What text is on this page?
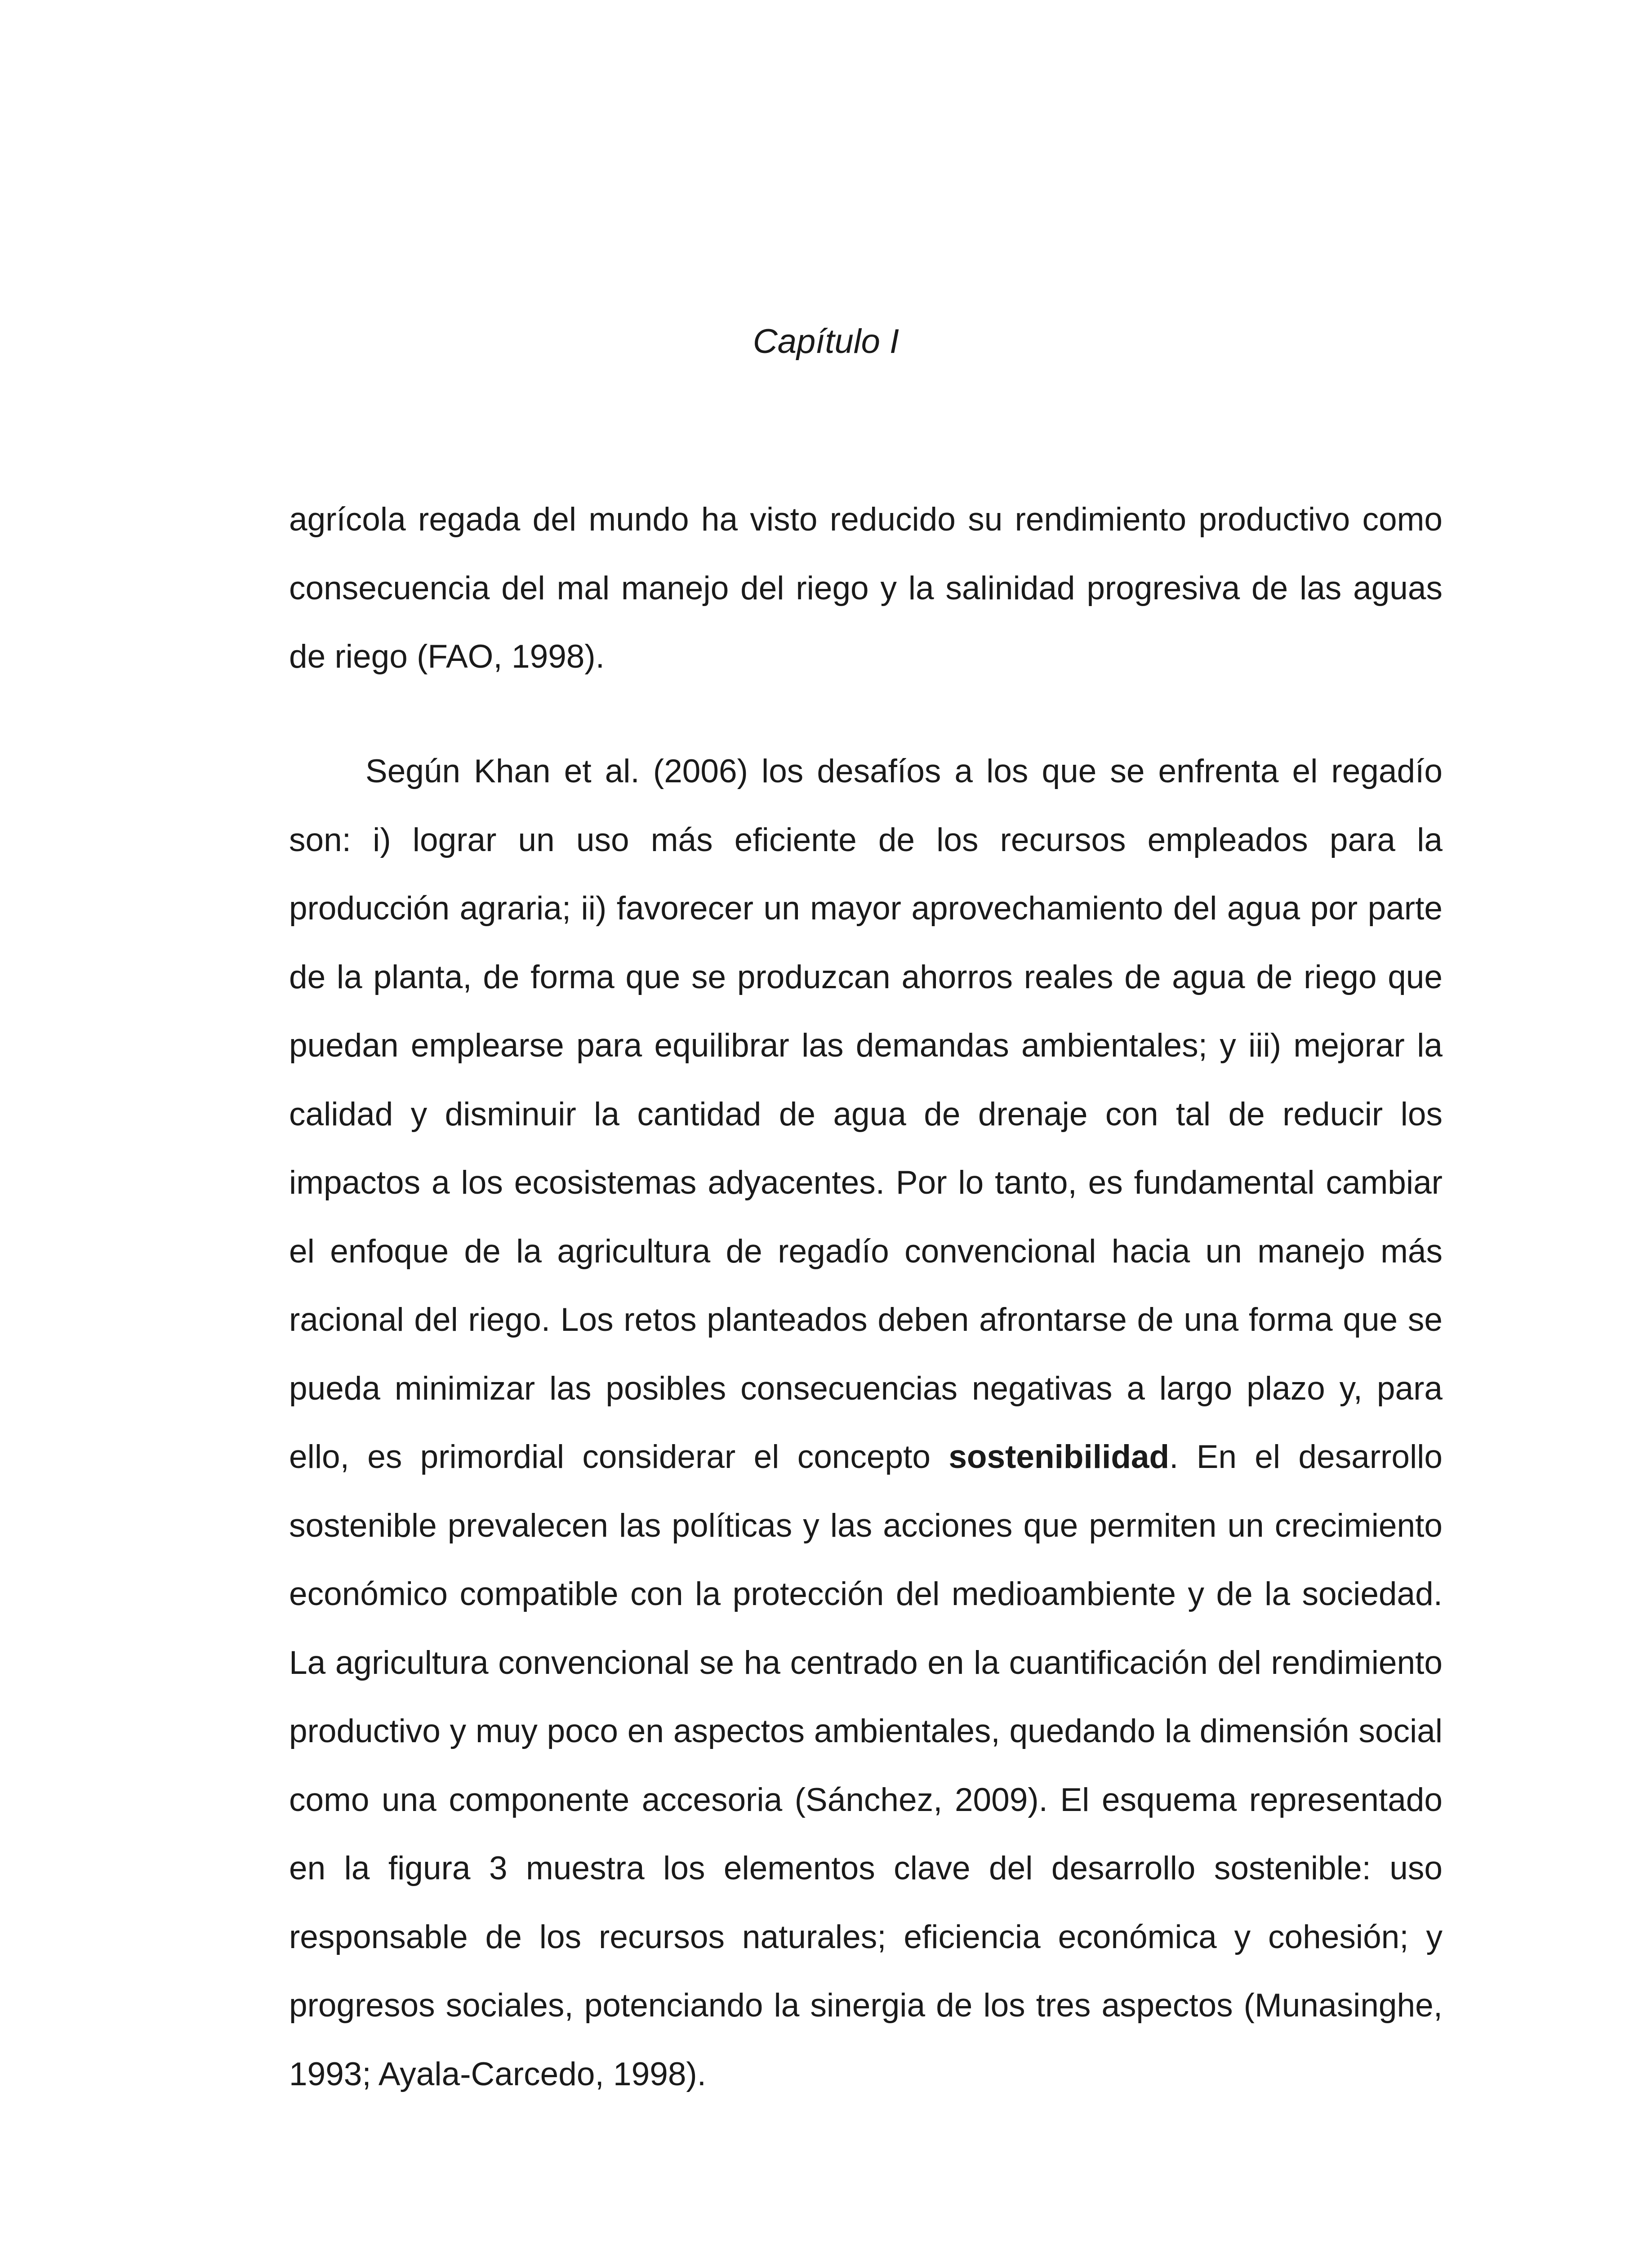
Capítulo I

agrícola regada del mundo ha visto reducido su rendimiento productivo como consecuencia del mal manejo del riego y la salinidad progresiva de las aguas de riego (FAO, 1998).

Según Khan et al. (2006) los desafíos a los que se enfrenta el regadío son: i) lograr un uso más eficiente de los recursos empleados para la producción agraria; ii) favorecer un mayor aprovechamiento del agua por parte de la planta, de forma que se produzcan ahorros reales de agua de riego que puedan emplearse para equilibrar las demandas ambientales; y iii) mejorar la calidad y disminuir la cantidad de agua de drenaje con tal de reducir los impactos a los ecosistemas adyacentes. Por lo tanto, es fundamental cambiar el enfoque de la agricultura de regadío convencional hacia un manejo más racional del riego. Los retos planteados deben afrontarse de una forma que se pueda minimizar las posibles consecuencias negativas a largo plazo y, para ello, es primordial considerar el concepto sostenibilidad. En el desarrollo sostenible prevalecen las políticas y las acciones que permiten un crecimiento económico compatible con la protección del medioambiente y de la sociedad. La agricultura convencional se ha centrado en la cuantificación del rendimiento productivo y muy poco en aspectos ambientales, quedando la dimensión social como una componente accesoria (Sánchez, 2009). El esquema representado en la figura 3 muestra los elementos clave del desarrollo sostenible: uso responsable de los recursos naturales; eficiencia económica y cohesión; y progresos sociales, potenciando la sinergia de los tres aspectos (Munasinghe, 1993; Ayala-Carcedo, 1998).
